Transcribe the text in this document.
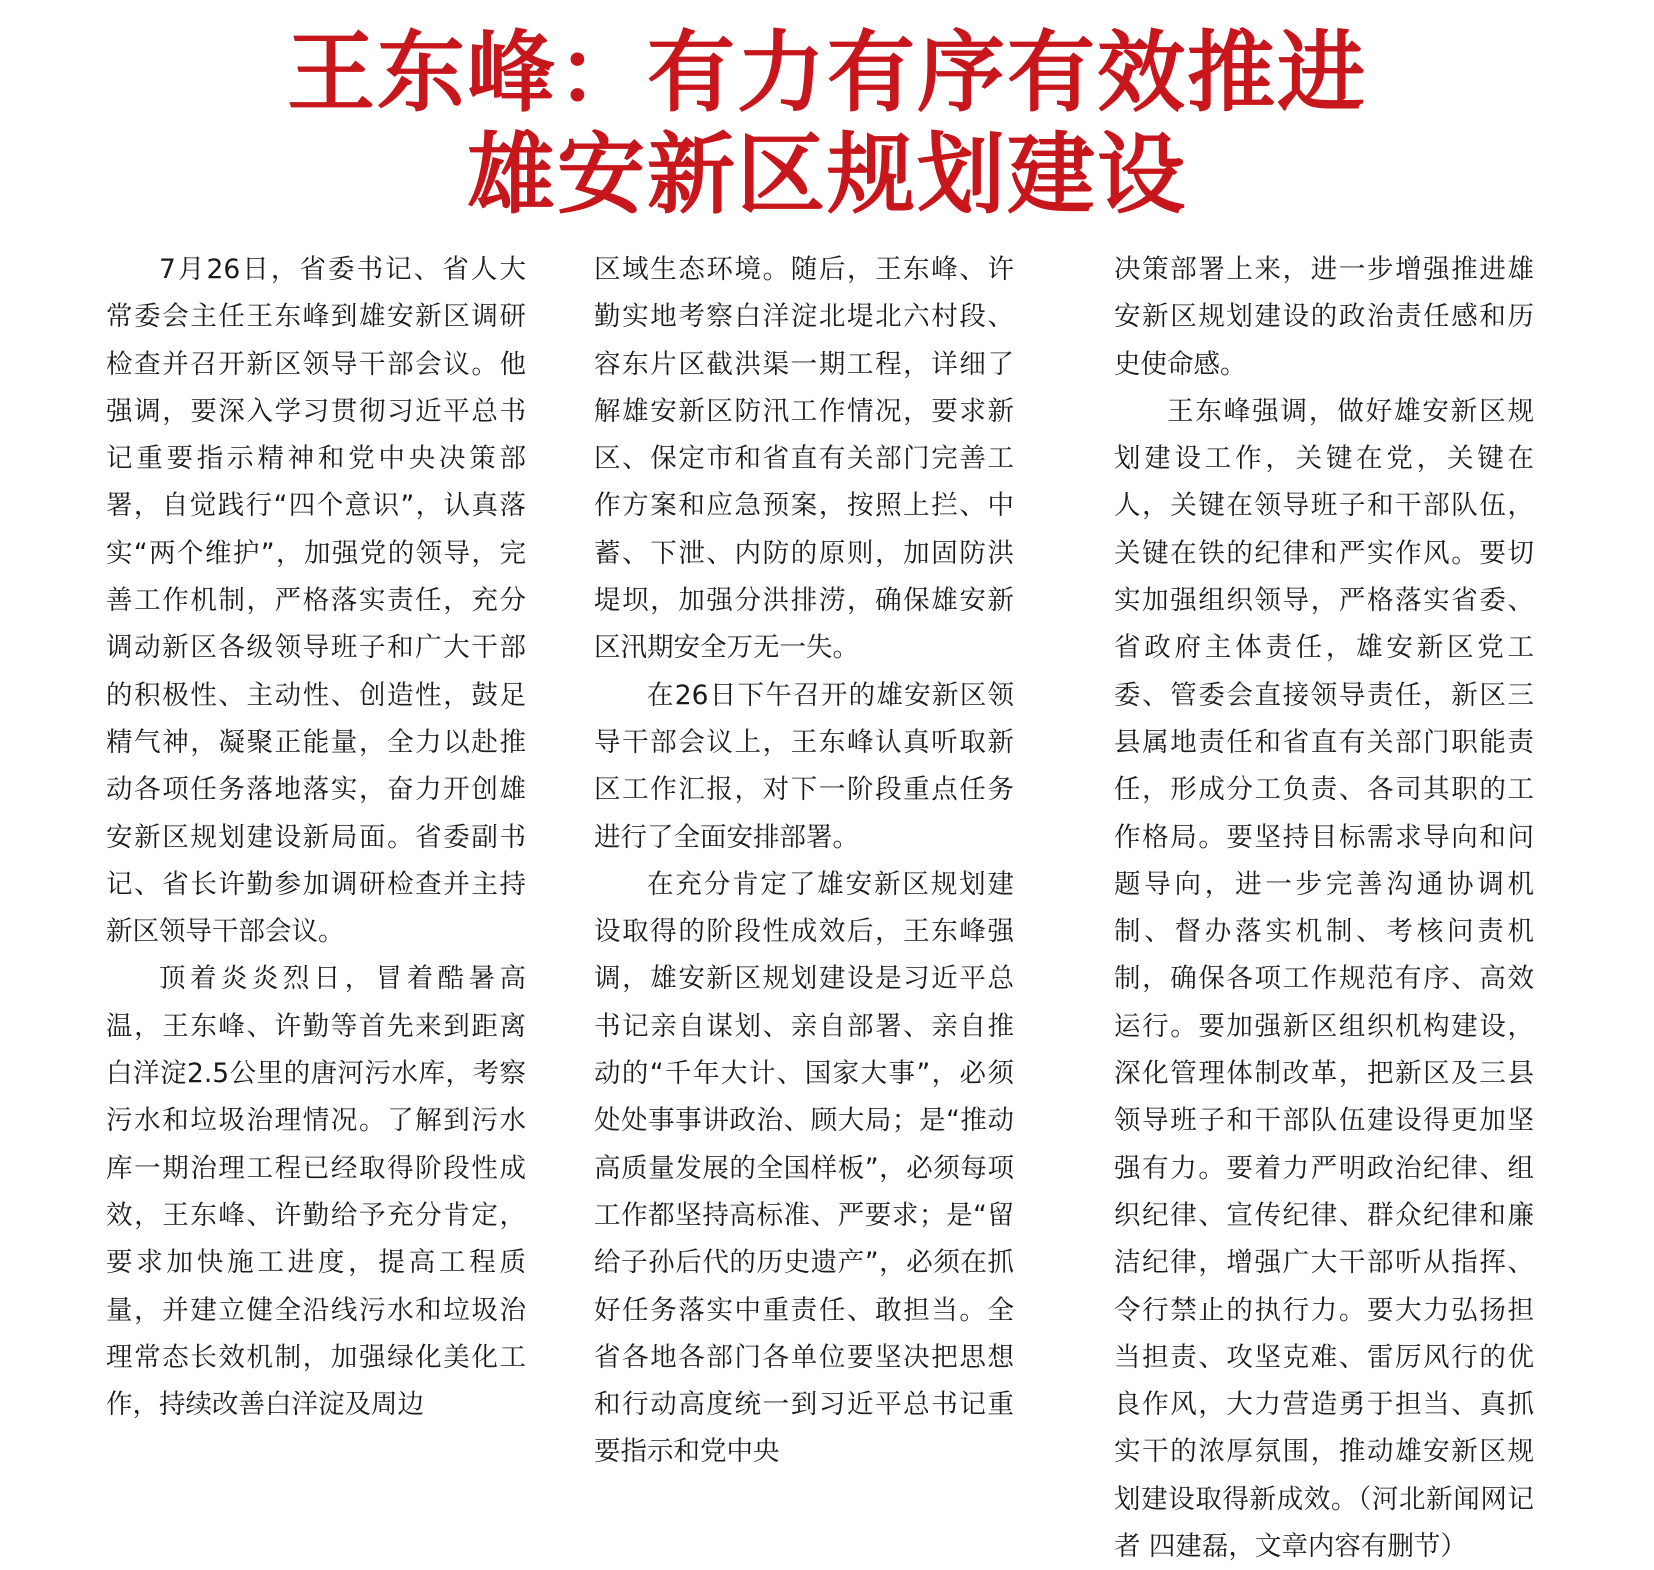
王东峰：有力有序有效推进
雄安新区规划建设

7月26日，省委书记、省人大常委会主任王东峰到雄安新区调研检查并召开新区领导干部会议。他强调，要深入学习贯彻习近平总书记重要指示精神和党中央决策部署，自觉践行“四个意识”，认真落实“两个维护”，加强党的领导，完善工作机制，严格落实责任，充分调动新区各级领导班子和广大干部的积极性、主动性、创造性，鼓足精气神，凝聚正能量，全力以赴推动各项任务落地落实，奋力开创雄安新区规划建设新局面。省委副书记、省长许勤参加调研检查并主持新区领导干部会议。

顶着炎炎烈日，冒着酷暑高温，王东峰、许勤等首先来到距离白洋淀2.5公里的唐河污水库，考察污水和垃圾治理情况。了解到污水库一期治理工程已经取得阶段性成效，王东峰、许勤给予充分肯定，要求加快施工进度，提高工程质量，并建立健全沿线污水和垃圾治理常态长效机制，加强绿化美化工作，持续改善白洋淀及周边

区域生态环境。随后，王东峰、许勤实地考察白洋淀北堤北六村段、容东片区截洪渠一期工程，详细了解雄安新区防汛工作情况，要求新区、保定市和省直有关部门完善工作方案和应急预案，按照上拦、中蓄、下泄、内防的原则，加固防洪堤坝，加强分洪排涝，确保雄安新区汛期安全万无一失。

在26日下午召开的雄安新区领导干部会议上，王东峰认真听取新区工作汇报，对下一阶段重点任务进行了全面安排部署。

在充分肯定了雄安新区规划建设取得的阶段性成效后，王东峰强调，雄安新区规划建设是习近平总书记亲自谋划、亲自部署、亲自推动的“千年大计、国家大事”，必须处处事事讲政治、顾大局；是“推动高质量发展的全国样板”，必须每项工作都坚持高标准、严要求；是“留给子孙后代的历史遗产”，必须在抓好任务落实中重责任、敢担当。全省各地各部门各单位要坚决把思想和行动高度统一到习近平总书记重要指示和党中央

决策部署上来，进一步增强推进雄安新区规划建设的政治责任感和历史使命感。

王东峰强调，做好雄安新区规划建设工作，关键在党，关键在人，关键在领导班子和干部队伍，关键在铁的纪律和严实作风。要切实加强组织领导，严格落实省委、省政府主体责任，雄安新区党工委、管委会直接领导责任，新区三县属地责任和省直有关部门职能责任，形成分工负责、各司其职的工作格局。要坚持目标需求导向和问题导向，进一步完善沟通协调机制、督办落实机制、考核问责机制，确保各项工作规范有序、高效运行。要加强新区组织机构建设，深化管理体制改革，把新区及三县领导班子和干部队伍建设得更加坚强有力。要着力严明政治纪律、组织纪律、宣传纪律、群众纪律和廉洁纪律，增强广大干部听从指挥、令行禁止的执行力。要大力弘扬担当担责、攻坚克难、雷厉风行的优良作风，大力营造勇于担当、真抓实干的浓厚氛围，推动雄安新区规划建设取得新成效。（河北新闻网记者 四建磊，文章内容有删节）
